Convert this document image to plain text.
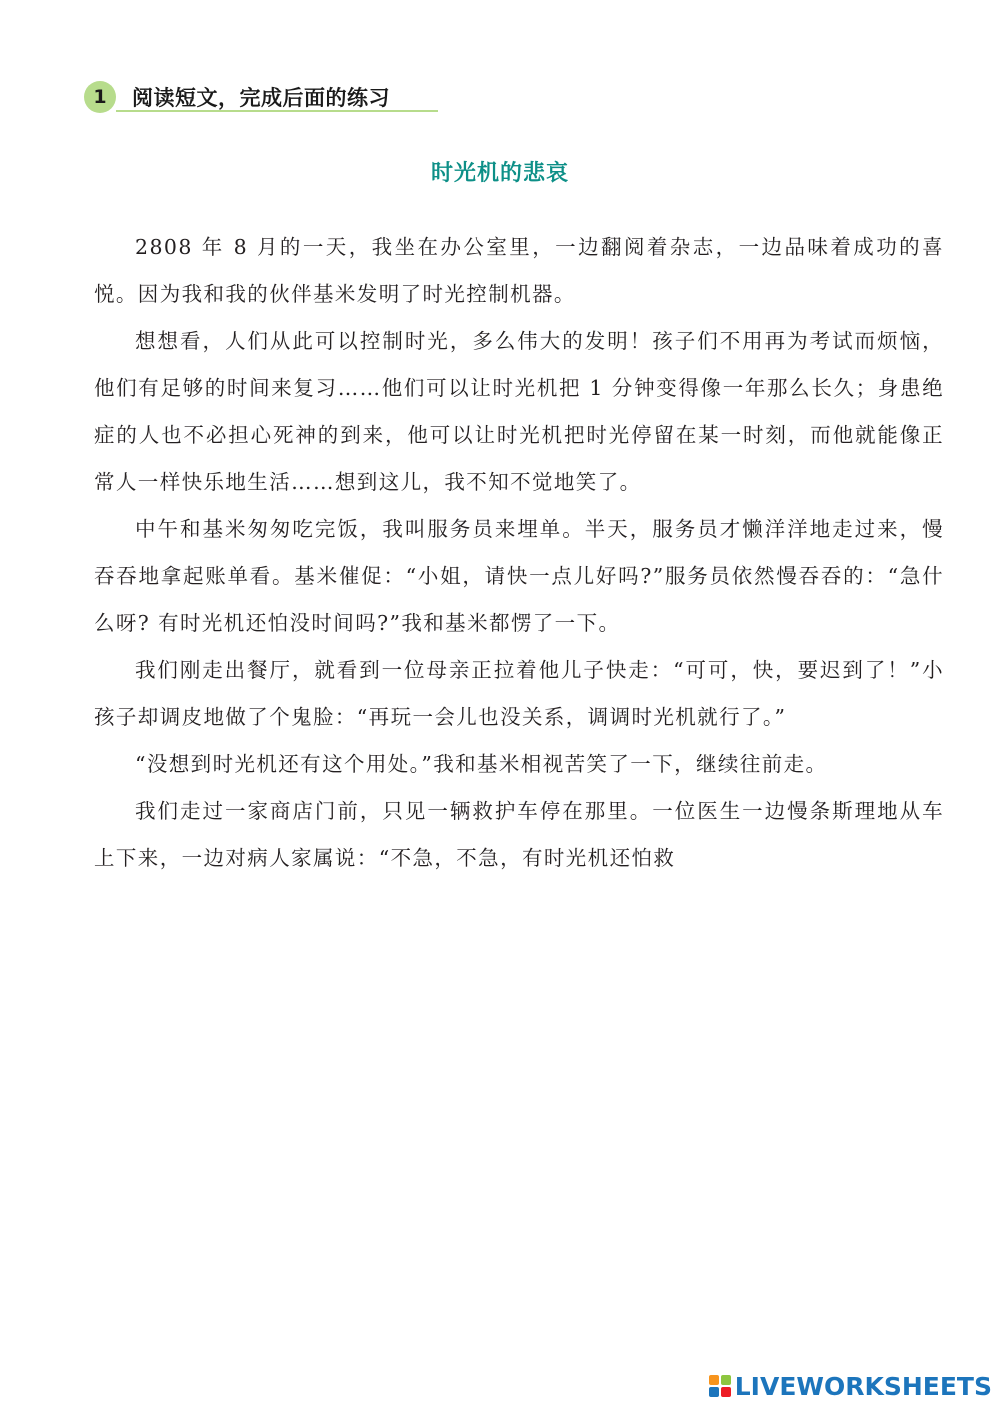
1	阅读短文，完成后面的练习
时光机的悲哀

2808 年 8 月的一天，我坐在办公室里，一边翻阅着杂志，一边品味着成功的喜悦。因为我和我的伙伴基米发明了时光控制机器。

想想看，人们从此可以控制时光，多么伟大的发明！孩子们不用再为考试而烦恼，他们有足够的时间来复习……他们可以让时光机把 1 分钟变得像一年那么长久；身患绝症的人也不必担心死神的到来，他可以让时光机把时光停留在某一时刻，而他就能像正常人一样快乐地生活……想到这儿，我不知不觉地笑了。

中午和基米匆匆吃完饭，我叫服务员来埋单。半天，服务员才懒洋洋地走过来，慢吞吞地拿起账单看。基米催促：“小姐，请快一点儿好吗?”服务员依然慢吞吞的：“急什么呀? 有时光机还怕没时间吗?”我和基米都愣了一下。

我们刚走出餐厅，就看到一位母亲正拉着他儿子快走：“可可，快，要迟到了！”小孩子却调皮地做了个鬼脸：“再玩一会儿也没关系，调调时光机就行了。”

“没想到时光机还有这个用处。”我和基米相视苦笑了一下，继续往前走。

我们走过一家商店门前，只见一辆救护车停在那里。一位医生一边慢条斯理地从车上下来，一边对病人家属说：“不急，不急，有时光机还怕救

LIVEWORKSHEETS
